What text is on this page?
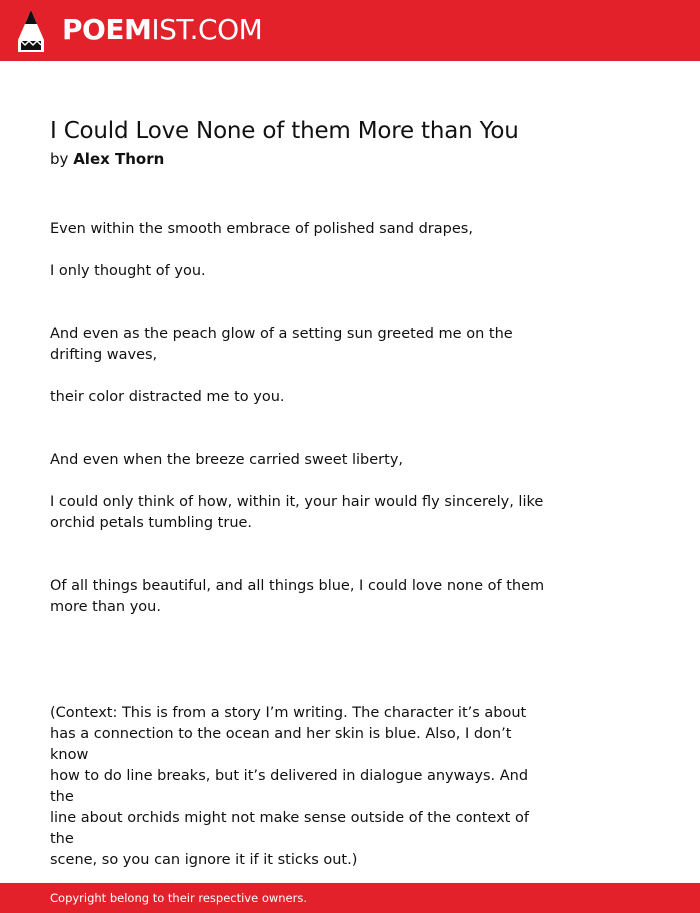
POEMIST.COM
I Could Love None of them More than You
by Alex Thorn

Even within the smooth embrace of polished sand drapes,

I only thought of you.

And even as the peach glow of a setting sun greeted me on the drifting waves,

their color distracted me to you.

And even when the breeze carried sweet liberty,

I could only think of how, within it, your hair would fly sincerely, like orchid petals tumbling true.

Of all things beautiful, and all things blue, I could love none of them more than you.

(Context: This is from a story I’m writing. The character it’s about
has a connection to the ocean and her skin is blue. Also, I don’t know
how to do line breaks, but it’s delivered in dialogue anyways. And the
line about orchids might not make sense outside of the context of the
scene, so you can ignore it if it sticks out.)
Copyright belong to their respective owners.
